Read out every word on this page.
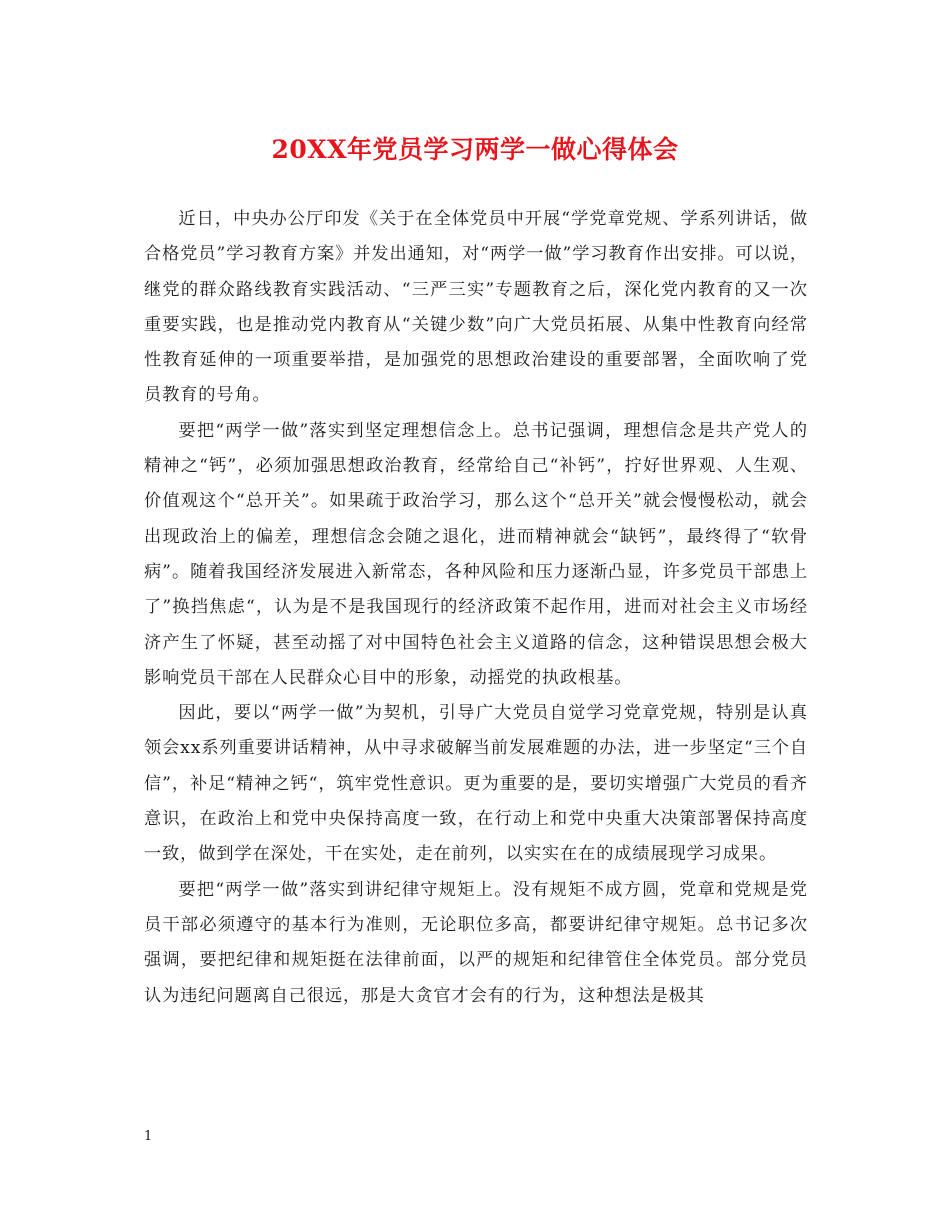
20XX年党员学习两学一做心得体会

近日，中央办公厅印发《关于在全体党员中开展“学党章党规、学系列讲话，做合格党员”学习教育方案》并发出通知，对“两学一做”学习教育作出安排。可以说，继党的群众路线教育实践活动、“三严三实”专题教育之后，深化党内教育的又一次重要实践，也是推动党内教育从“关键少数”向广大党员拓展、从集中性教育向经常性教育延伸的一项重要举措，是加强党的思想政治建设的重要部署，全面吹响了党员教育的号角。

要把“两学一做”落实到坚定理想信念上。总书记强调，理想信念是共产党人的精神之“钙”，必须加强思想政治教育，经常给自己“补钙”，拧好世界观、人生观、价值观这个“总开关”。如果疏于政治学习，那么这个“总开关”就会慢慢松动，就会出现政治上的偏差，理想信念会随之退化，进而精神就会“缺钙”，最终得了“软骨病”。随着我国经济发展进入新常态，各种风险和压力逐渐凸显，许多党员干部患上了”换挡焦虑“，认为是不是我国现行的经济政策不起作用，进而对社会主义市场经济产生了怀疑，甚至动摇了对中国特色社会主义道路的信念，这种错误思想会极大影响党员干部在人民群众心目中的形象，动摇党的执政根基。

因此，要以“两学一做”为契机，引导广大党员自觉学习党章党规，特别是认真领会xx系列重要讲话精神，从中寻求破解当前发展难题的办法，进一步坚定“三个自信”，补足“精神之钙“，筑牢党性意识。更为重要的是，要切实增强广大党员的看齐意识，在政治上和党中央保持高度一致，在行动上和党中央重大决策部署保持高度一致，做到学在深处，干在实处，走在前列，以实实在在的成绩展现学习成果。

要把“两学一做”落实到讲纪律守规矩上。没有规矩不成方圆，党章和党规是党员干部必须遵守的基本行为准则，无论职位多高，都要讲纪律守规矩。总书记多次强调，要把纪律和规矩挺在法律前面，以严的规矩和纪律管住全体党员。部分党员认为违纪问题离自己很远，那是大贪官才会有的行为，这种想法是极其

1
